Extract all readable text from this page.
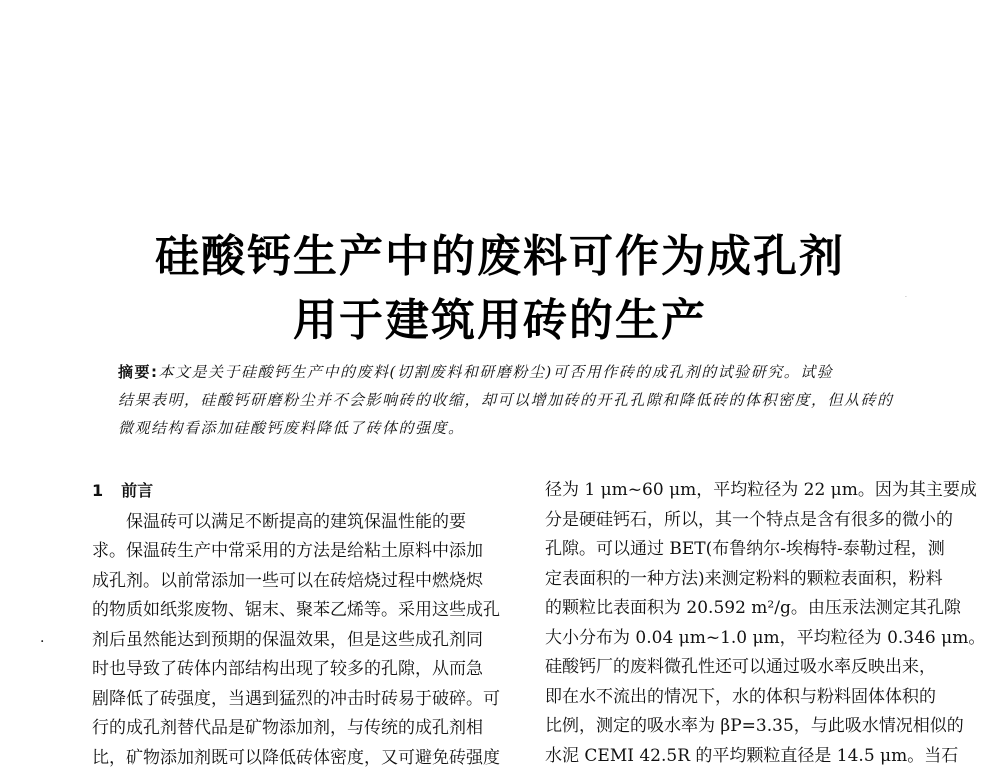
硅酸钙生产中的废料可作为成孔剂
用于建筑用砖的生产
摘要:本文是关于硅酸钙生产中的废料(切割废料和研磨粉尘)可否用作砖的成孔剂的试验研究。试验
结果表明，硅酸钙研磨粉尘并不会影响砖的收缩，却可以增加砖的开孔孔隙和降低砖的体积密度，但从砖的
微观结构看添加硅酸钙废料降低了砖体的强度。
1 前言

保温砖可以满足不断提高的建筑保温性能的要

求。保温砖生产中常采用的方法是给粘土原料中添加

成孔剂。以前常添加一些可以在砖焙烧过程中燃烧烬

的物质如纸浆废物、锯末、聚苯乙烯等。采用这些成孔

剂后虽然能达到预期的保温效果，但是这些成孔剂同

时也导致了砖体内部结构出现了较多的孔隙，从而急

剧降低了砖强度，当遇到猛烈的冲击时砖易于破碎。可

行的成孔剂替代品是矿物添加剂，与传统的成孔剂相

比，矿物添加剂既可以降低砖体密度，又可避免砖强度

径为 1 μm~60 μm，平均粒径为 22 μm。因为其主要成

分是硬硅钙石，所以，其一个特点是含有很多的微小的

孔隙。可以通过 BET(布鲁纳尔-埃梅特-泰勒过程，测

定表面积的一种方法)来测定粉料的颗粒表面积，粉料

的颗粒比表面积为 20.592 m²/g。由压汞法测定其孔隙

大小分布为 0.04 μm~1.0 μm，平均粒径为 0.346 μm。

硅酸钙厂的废料微孔性还可以通过吸水率反映出来，

即在水不流出的情况下，水的体积与粉料固体体积的

比例，测定的吸水率为 βP=3.35，与此吸水情况相似的

水泥 CEMI 42.5R 的平均颗粒直径是 14.5 μm。当石

·
·
